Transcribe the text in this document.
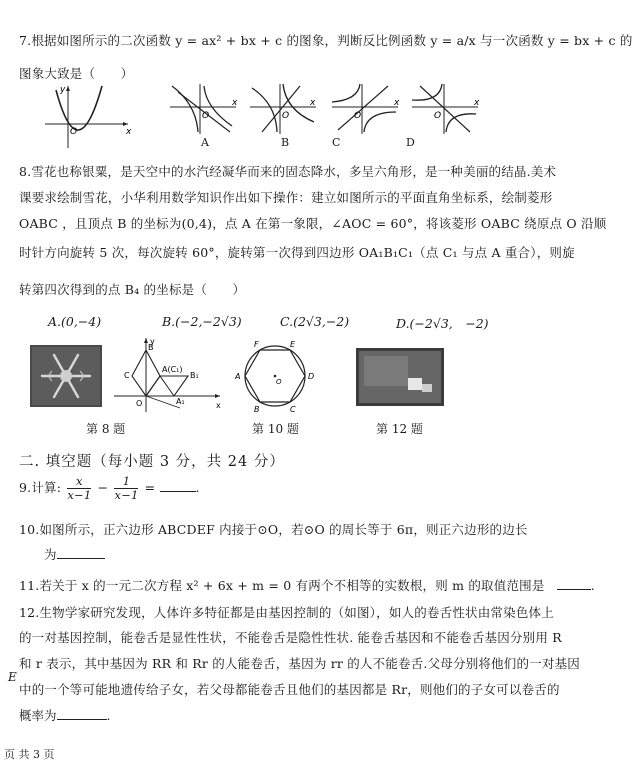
7.根据如图所示的二次函数 y = ax² + bx + c 的图象，判断反比例函数 y = a/x 与一次函数 y = bx + c 的
图象大致是（　　）
y
x
O
O
x
O
x
O
x
O
x
A	B	C	D
8.雪花也称银粟，是天空中的水汽经凝华而来的固态降水，多呈六角形，是一种美丽的结晶.美术
课要求绘制雪花，小华利用数学知识作出如下操作：建立如图所示的平面直角坐标系，绘制菱形
OABC ，且顶点 B 的坐标为(0,4)，点 A 在第一象限，∠AOC = 60°，将该菱形 OABC 绕原点 O 沿顺
时针方向旋转 5 次，每次旋转 60°，旋转第一次得到四边形 OA₁B₁C₁（点 C₁ 与点 A 重合），则旋
转第四次得到的点 B₄ 的坐标是（　　）
A.(0,−4)	B.(−2,−2√3)	C.(2√3,−2)	D.(−2√3,　−2)
B
C
A(C₁)
B₁
O	A₁	x
y	F	E
A	D
B	C
O
第 8 题	第 10 题	第 12 题
二. 填空题（每小题 3 分，共 24 分）
9.计算: $\frac{x}{x-1} - \frac{1}{x-1}$ =	.
10.如图所示，正六边形 ABCDEF 内接于⊙O，若⊙O 的周长等于 6π，则正六边形的边长
为
11.若关于 x 的一元二次方程 x² + 6x + m = 0 有两个不相等的实数根，则 m 的取值范围是	.
12.生物学家研究发现，人体许多特征都是由基因控制的（如图），如人的卷舌性状由常染色体上
的一对基因控制，能卷舌是显性性状，不能卷舌是隐性性状. 能卷舌基因和不能卷舌基因分别用 R
和 r 表示，其中基因为 RR 和 Rr 的人能卷舌，基因为 rr 的人不能卷舌.父母分别将他们的一对基因
中的一个等可能地遗传给子女，若父母都能卷舌且他们的基因都是 Rr，则他们的子女可以卷舌的
概率为	.
E
页 共 3 页
